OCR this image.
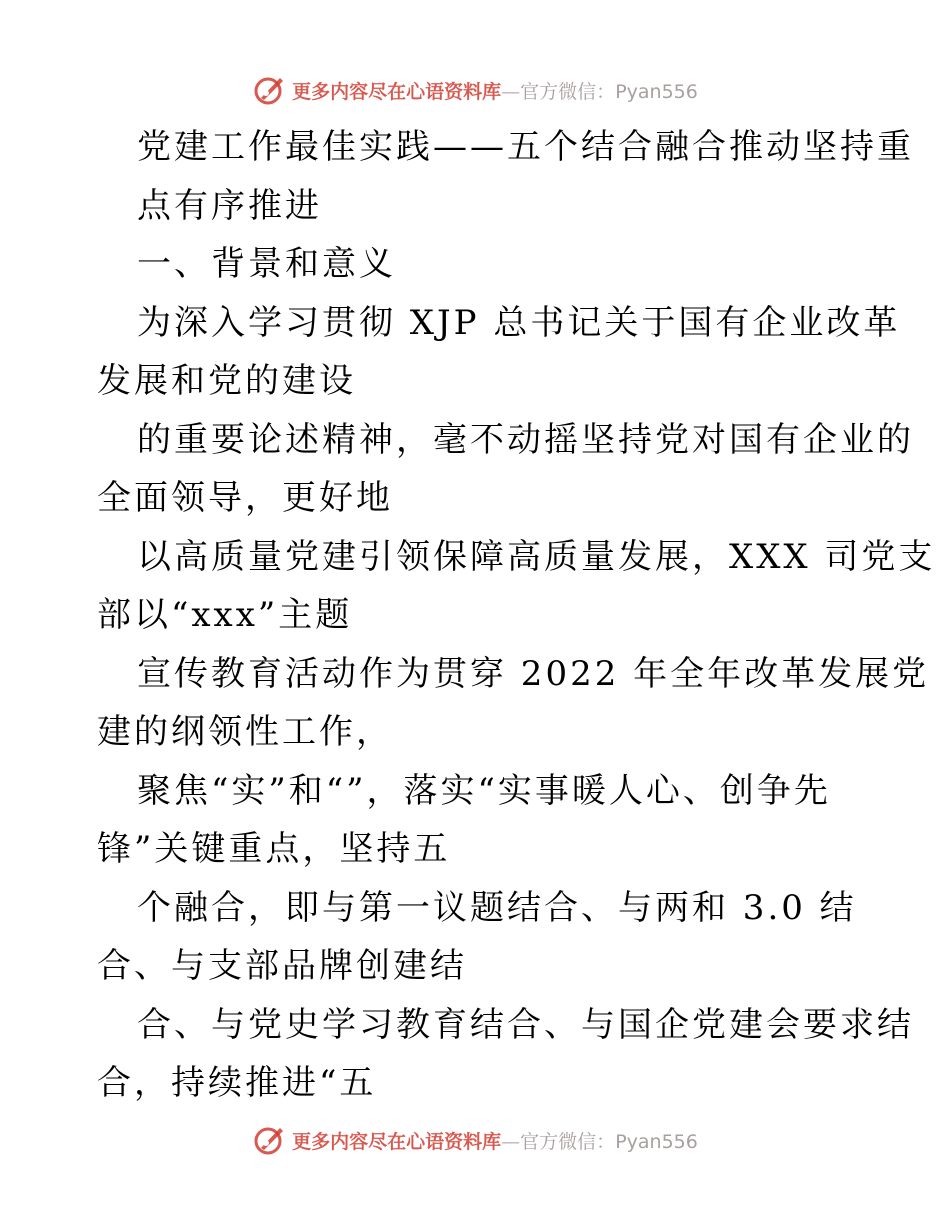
更多内容尽在心语资料库—官方微信：Pyan556
党建工作最佳实践——五个结合融合推动坚持重
点有序推进
一、背景和意义
为深入学习贯彻 XJP 总书记关于国有企业改革
发展和党的建设
的重要论述精神，毫不动摇坚持党对国有企业的
全面领导，更好地
以高质量党建引领保障高质量发展，XXX 司党支
部以“xxx”主题
宣传教育活动作为贯穿 2022 年全年改革发展党
建的纲领性工作，
聚焦“实”和“”，落实“实事暖人心、创争先
锋”关键重点，坚持五
个融合，即与第一议题结合、与两和 3.0 结
合、与支部品牌创建结
合、与党史学习教育结合、与国企党建会要求结
合，持续推进“五
更多内容尽在心语资料库—官方微信：Pyan556
